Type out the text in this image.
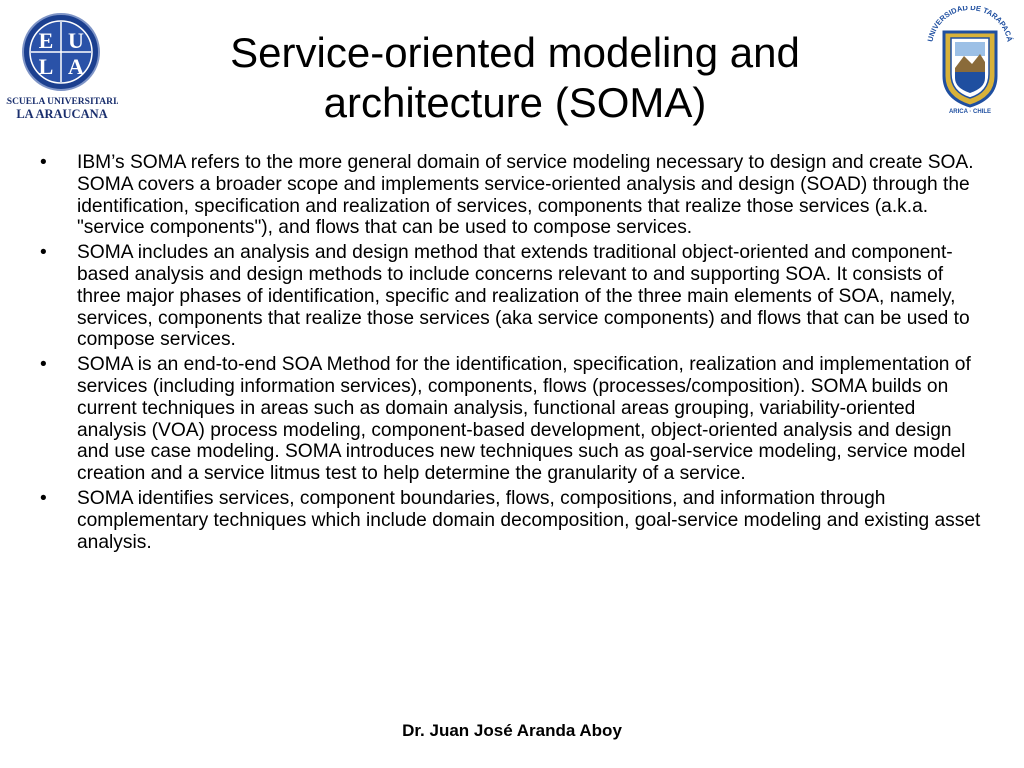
E U
L A
ESCUELA UNIVERSITARIA
LA ARAUCANA
Service-oriented modeling and architecture (SOMA)
UNIVERSIDAD DE TARAPACÁ
ARICA · CHILE
• IBM’s SOMA refers to the more general domain of service modeling necessary to design and create SOA. SOMA covers a broader scope and implements service-oriented analysis and design (SOAD) through the identification, specification and realization of services, components that realize those services (a.k.a. "service components"), and flows that can be used to compose services.
• SOMA includes an analysis and design method that extends traditional object-oriented and component-based analysis and design methods to include concerns relevant to and supporting SOA. It consists of three major phases of identification, specific and realization of the three main elements of SOA, namely, services, components that realize those services (aka service components) and flows that can be used to compose services.
• SOMA is an end-to-end SOA Method for the identification, specification, realization and implementation of services (including information services), components, flows (processes/composition). SOMA builds on current techniques in areas such as domain analysis, functional areas grouping, variability-oriented analysis (VOA) process modeling, component-based development, object-oriented analysis and design and use case modeling. SOMA introduces new techniques such as goal-service modeling, service model creation and a service litmus test to help determine the granularity of a service.
• SOMA identifies services, component boundaries, flows, compositions, and information through complementary techniques which include domain decomposition, goal-service modeling and existing asset analysis.
Dr. Juan José Aranda Aboy
